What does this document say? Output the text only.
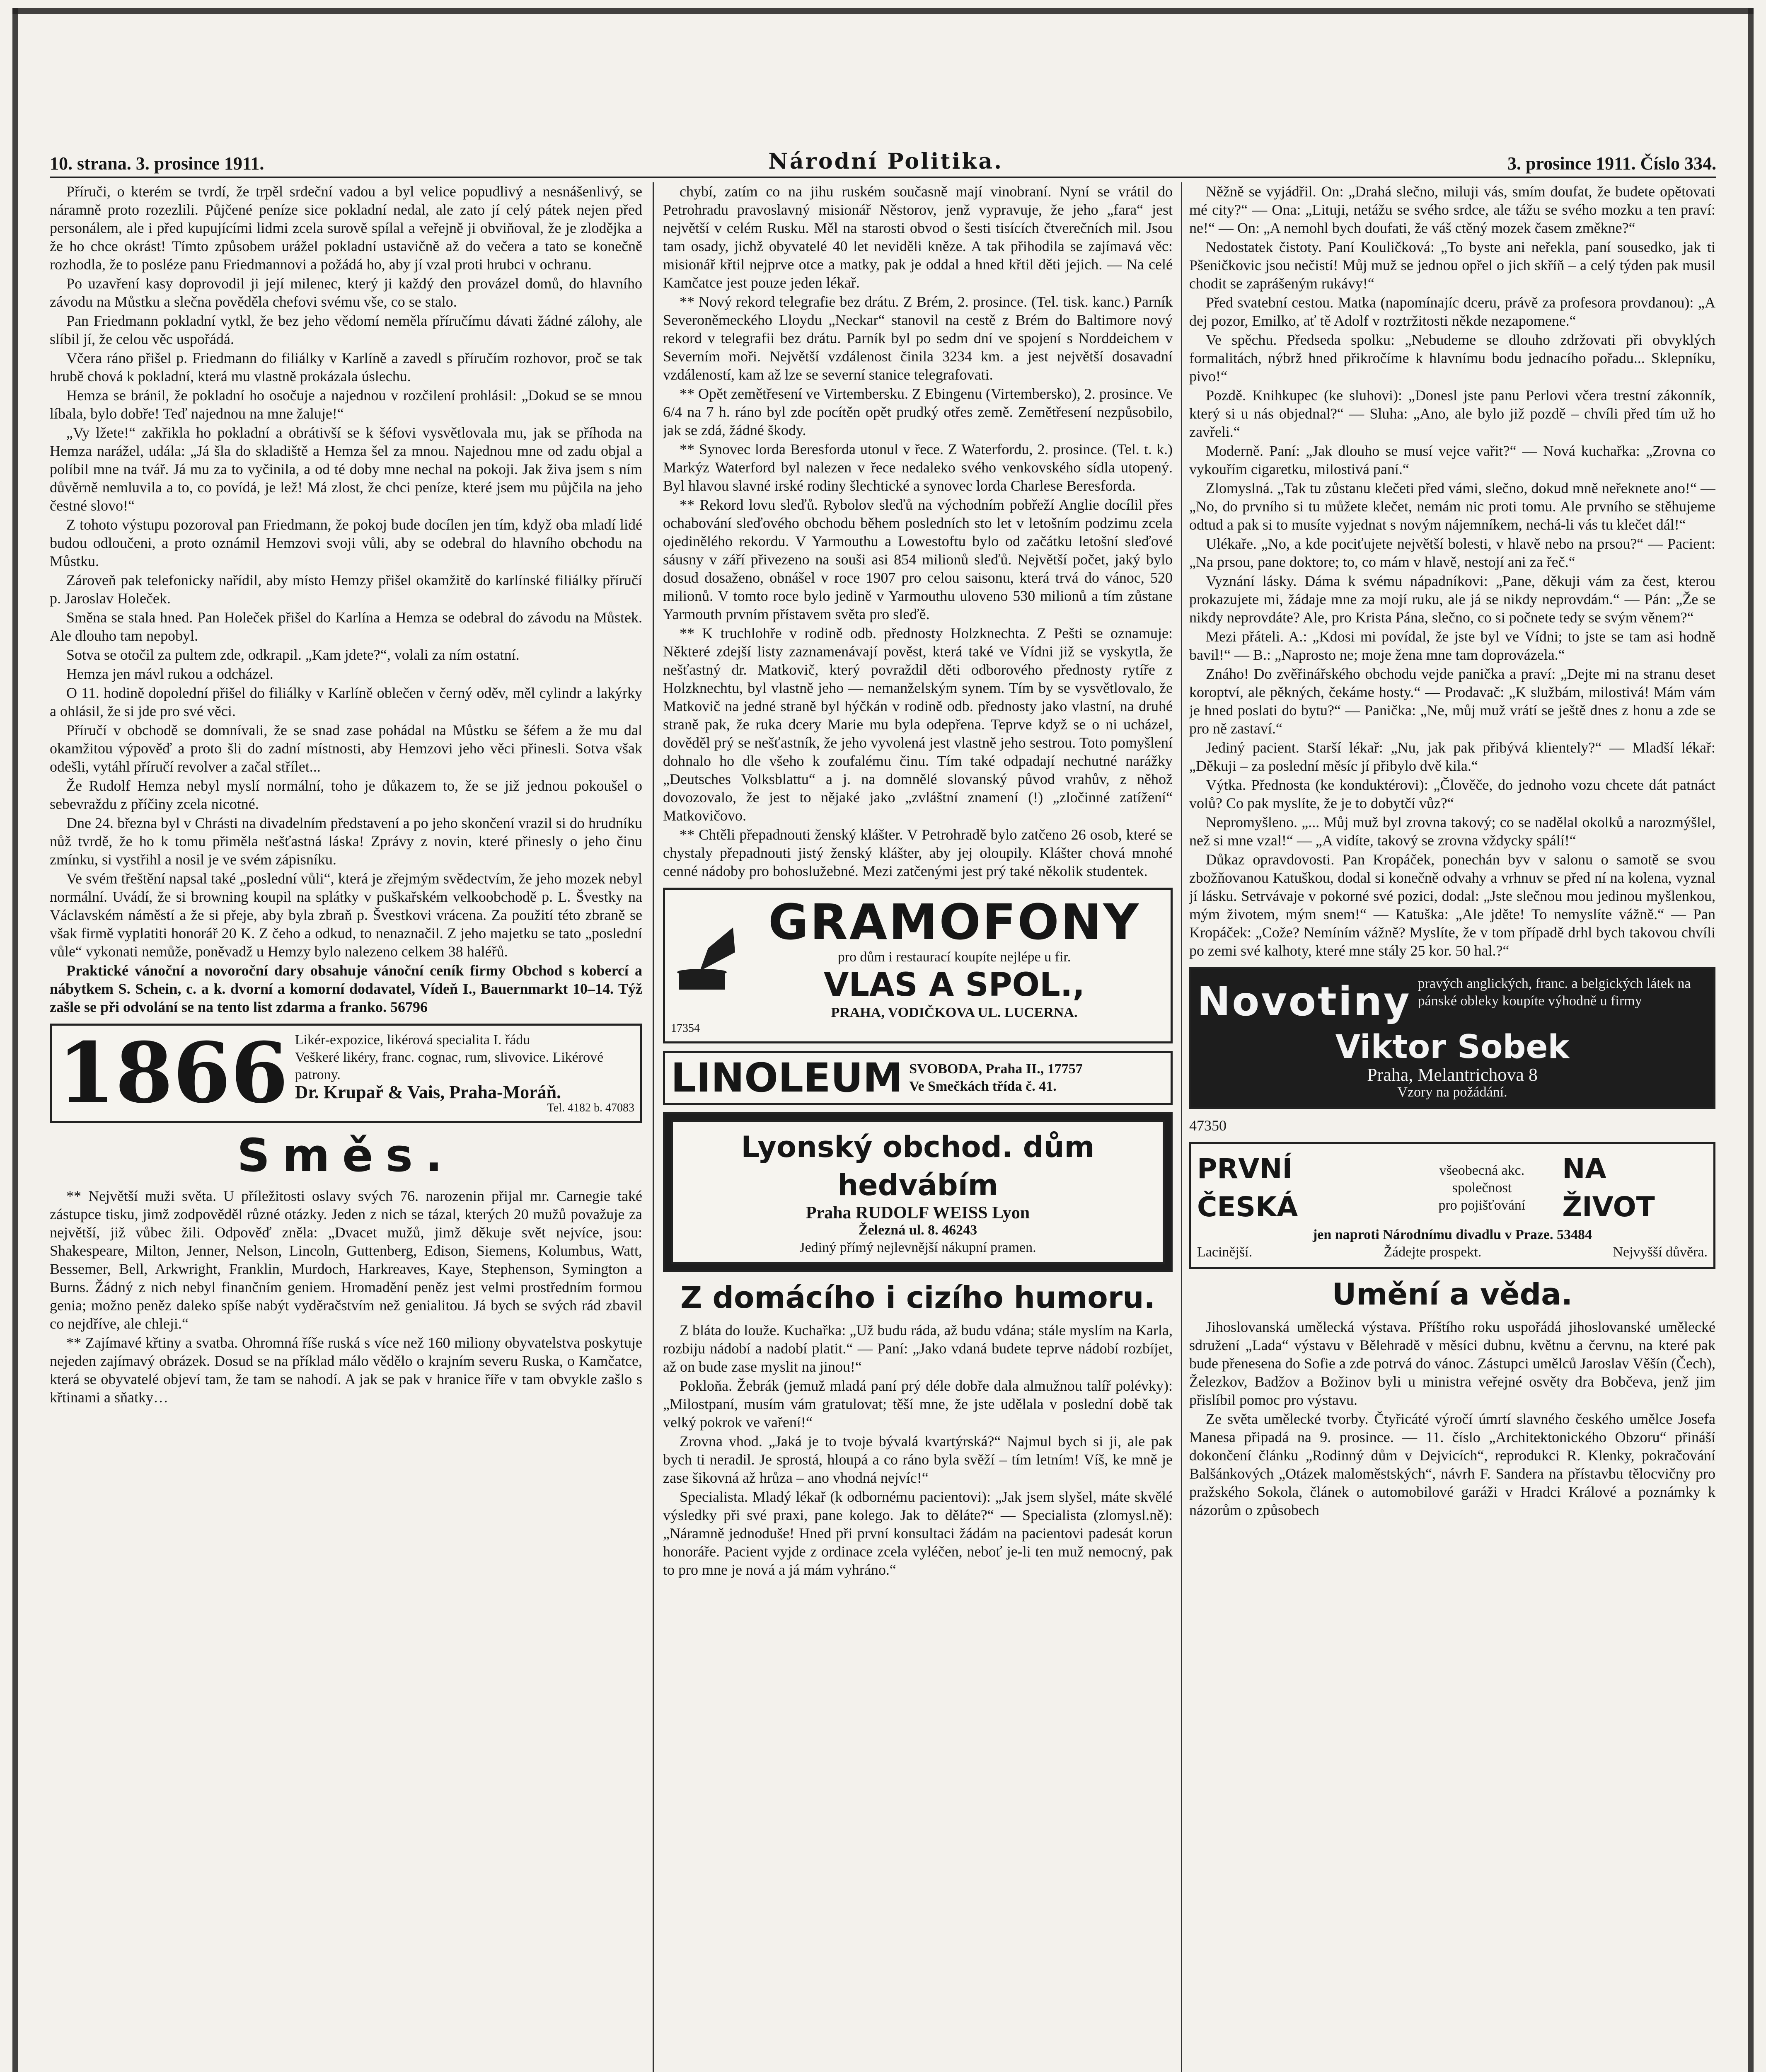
10. strana. 3. prosince 1911.	Národní Politika.	3. prosince 1911. Číslo 334.

Příruči, o kterém se tvrdí, že trpěl srdeční vadou a byl velice popudlivý a nesnášenlivý, se náramně proto rozezlili. Půjčené peníze sice pokladní nedal, ale zato jí celý pátek nejen před personálem, ale i před kupujícími lidmi zcela surově spílal a veřejně ji obviňoval, že je zlodějka a že ho chce okrást! Tímto způsobem urážel pokladní ustavičně až do večera a tato se konečně rozhodla, že to posléze panu Friedmannovi a požádá ho, aby jí vzal proti hrubci v ochranu.

Po uzavření kasy doprovodil ji její milenec, který ji každý den provázel domů, do hlavního závodu na Můstku a slečna pověděla chefovi svému vše, co se stalo.

Pan Friedmann pokladní vytkl, že bez jeho vědomí neměla příručímu dávati žádné zálohy, ale slíbil jí, že celou věc uspořádá.

Včera ráno přišel p. Friedmann do filiálky v Karlíně a zavedl s příručím rozhovor, proč se tak hrubě chová k pokladní, která mu vlastně prokázala úslechu.

Hemza se bránil, že pokladní ho osočuje a najednou v rozčilení prohlásil: „Dokud se se mnou líbala, bylo dobře! Teď najednou na mne žaluje!“

„Vy lžete!“ zakřikla ho pokladní a obrátivší se k šéfovi vysvětlovala mu, jak se příhoda na Hemza narážel, udála: „Já šla do skladiště a Hemza šel za mnou. Najednou mne od zadu objal a políbil mne na tvář. Já mu za to vyčinila, a od té doby mne nechal na pokoji. Jak živa jsem s ním důvěrně nemluvila a to, co povídá, je lež! Má zlost, že chci peníze, které jsem mu půjčila na jeho čestné slovo!“

Z tohoto výstupu pozoroval pan Friedmann, že pokoj bude docílen jen tím, když oba mladí lidé budou odloučeni, a proto oznámil Hemzovi svoji vůli, aby se odebral do hlavního obchodu na Můstku.

Zároveň pak telefonicky nařídil, aby místo Hemzy přišel okamžitě do karlínské filiálky příručí p. Jaroslav Holeček.

Směna se stala hned. Pan Holeček přišel do Karlína a Hemza se odebral do závodu na Můstek. Ale dlouho tam nepobyl.

Sotva se otočil za pultem zde, odkrapil. „Kam jdete?“, volali za ním ostatní.

Hemza jen mávl rukou a odcházel.

O 11. hodině dopolední přišel do filiálky v Karlíně oblečen v černý oděv, měl cylindr a lakýrky a ohlásil, že si jde pro své věci.

Příručí v obchodě se domnívali, že se snad zase pohádal na Můstku se šéfem a že mu dal okamžitou výpověď a proto šli do zadní místnosti, aby Hemzovi jeho věci přinesli. Sotva však odešli, vytáhl příručí revolver a začal střílet...

Že Rudolf Hemza nebyl myslí normální, toho je důkazem to, že se již jednou pokoušel o sebevraždu z příčiny zcela nicotné.

Dne 24. března byl v Chrásti na divadelním představení a po jeho skončení vrazil si do hrudníku nůž tvrdě, že ho k tomu přiměla nešťastná láska! Zprávy z novin, které přinesly o jeho činu zmínku, si vystřihl a nosil je ve svém zápisníku.

Ve svém třeštění napsal také „poslední vůli“, která je zřejmým svědectvím, že jeho mozek nebyl normální. Uvádí, že si browning koupil na splátky v puškařském velkoobchodě p. L. Švestky na Václavském náměstí a že si přeje, aby byla zbraň p. Švestkovi vrácena. Za použití této zbraně se však firmě vyplatiti honorář 20 K. Z čeho a odkud, to nenaznačil. Z jeho majetku se tato „poslední vůle“ vykonati nemůže, poněvadž u Hemzy bylo nalezeno celkem 38 haléřů.

Praktické vánoční a novoroční dary obsahuje vánoční ceník firmy Obchod s kobercí a nábytkem S. Schein, c. a k. dvorní a komorní dodavatel, Vídeň I., Bauernmarkt 10–14. Týž zašle se při odvolání se na tento list zdarma a franko. 56796

1866 Likér-expozice, likérová specialita I. řádu
Veškeré likéry, franc. cognac, rum, slivovice. Likérové patrony.
Dr. Krupař & Vais, Praha-Moráň.
Tel. 4182 b. 47083
Směs.

** Největší muži světa. U příležitosti oslavy svých 76. narozenin přijal mr. Carnegie také zástupce tisku, jimž zodpověděl různé otázky. Jeden z nich se tázal, kterých 20 mužů považuje za největší, již vůbec žili. Odpověď zněla: „Dvacet mužů, jimž děkuje svět nejvíce, jsou: Shakespeare, Milton, Jenner, Nelson, Lincoln, Guttenberg, Edison, Siemens, Kolumbus, Watt, Bessemer, Bell, Arkwright, Franklin, Murdoch, Harkreaves, Kaye, Stephenson, Symington a Burns. Žádný z nich nebyl finančním geniem. Hromadění peněz jest velmi prostředním formou genia; možno peněz daleko spíše nabýt vyděračstvím než genialitou. Já bych se svých rád zbavil co nejdříve, ale chleji.“

** Zajímavé křtiny a svatba. Ohromná říše ruská s více než 160 miliony obyvatelstva poskytuje nejeden zajímavý obrázek. Dosud se na příklad málo vědělo o krajním severu Ruska, o Kamčatce, která se obyvatelé objeví tam, že tam se nahodí. A jak se pak v hranice říře v tam obvykle zašlo s křtinami a sňatky…

chybí, zatím co na jihu ruském současně mají vinobraní. Nyní se vrátil do Petrohradu pravoslavný misionář Něstorov, jenž vypravuje, že jeho „fara“ jest největší v celém Rusku. Měl na starosti obvod o šesti tisících čtverečních mil. Jsou tam osady, jichž obyvatelé 40 let neviděli kněze. A tak přihodila se zajímavá věc: misionář křtil nejprve otce a matky, pak je oddal a hned křtil děti jejich. — Na celé Kamčatce jest pouze jeden lékař.

** Nový rekord telegrafie bez drátu. Z Brém, 2. prosince. (Tel. tisk. kanc.) Parník Severoněmeckého Lloydu „Neckar“ stanovil na cestě z Brém do Baltimore nový rekord v telegrafii bez drátu. Parník byl po sedm dní ve spojení s Norddeichem v Severním moři. Největší vzdálenost činila 3234 km. a jest největší dosavadní vzdáleností, kam až lze se severní stanice telegrafovati.

** Opět zemětřesení ve Virtembersku. Z Ebingenu (Virtembersko), 2. prosince. Ve 6/4 na 7 h. ráno byl zde pocítěn opět prudký otřes země. Zemětřesení nezpůsobilo, jak se zdá, žádné škody.

** Synovec lorda Beresforda utonul v řece. Z Waterfordu, 2. prosince. (Tel. t. k.) Markýz Waterford byl nalezen v řece nedaleko svého venkovského sídla utopený. Byl hlavou slavné irské rodiny šlechtické a synovec lorda Charlese Beresforda.

** Rekord lovu sleďů. Rybolov sleďů na východním pobřeží Anglie docílil přes ochabování sleďového obchodu během posledních sto let v letošním podzimu zcela ojedinělého rekordu. V Yarmouthu a Lowestoftu bylo od začátku letošní sleďové sáusny v září přivezeno na souši asi 854 milionů sleďů. Největší počet, jaký bylo dosud dosaženo, obnášel v roce 1907 pro celou saisonu, která trvá do vánoc, 520 milionů. V tomto roce bylo jedině v Yarmouthu uloveno 530 milionů a tím zůstane Yarmouth prvním přístavem světa pro sleďě.

** K truchlohře v rodině odb. přednosty Holzknechta. Z Pešti se oznamuje: Některé zdejší listy zaznamenávají pověst, která také ve Vídni již se vyskytla, že nešťastný dr. Matkovič, který povraždil děti odborového přednosty rytíře z Holzknechtu, byl vlastně jeho — nemanželským synem. Tím by se vysvětlovalo, že Matkovič na jedné straně byl hýčkán v rodině odb. přednosty jako vlastní, na druhé straně pak, že ruka dcery Marie mu byla odepřena. Teprve když se o ni ucházel, dověděl prý se nešťastník, že jeho vyvolená jest vlastně jeho sestrou. Toto pomyšlení dohnalo ho dle všeho k zoufalému činu. Tím také odpadají nechutné narážky „Deutsches Volksblattu“ a j. na domnělé slovanský původ vrahův, z něhož dovozovalo, že jest to nějaké jako „zvláštní znamení (!) „zločinné zatížení“ Matkovičovo.

** Chtěli přepadnouti ženský klášter. V Petrohradě bylo zatčeno 26 osob, které se chystaly přepadnouti jistý ženský klášter, aby jej oloupily. Klášter chová mnohé cenné nádoby pro bohoslužebné. Mezi zatčenými jest prý také několik studentek.

GRAMOFONY
pro dům i restaurací koupíte nejlépe u fir.
VLAS A SPOL.,
PRAHA, VODIČKOVA UL. LUCERNA.
17354
LINOLEUM SVOBODA, Praha II., 17757
Ve Smečkách třída č. 41.
Lyonský obchod. dům hedvábím
Praha RUDOLF WEISS Lyon
Železná ul. 8. 46243
Jediný přímý nejlevnější nákupní pramen.
Z domácího i cizího humoru.

Z bláta do louže. Kuchařka: „Už budu ráda, až budu vdána; stále myslím na Karla, rozbiju nádobí a nadobí platit.“ — Paní: „Jako vdaná budete teprve nádobí rozbíjet, až on bude zase myslit na jinou!“

Pokloňa. Žebrák (jemuž mladá paní prý déle dobře dala almužnou talíř polévky): „Milostpaní, musím vám gratulovat; těší mne, že jste udělala v poslední době tak velký pokrok ve vaření!“

Zrovna vhod. „Jaká je to tvoje bývalá kvartýrská?“ Najmul bych si ji, ale pak bych ti neradil. Je sprostá, hloupá a co ráno byla svěží – tím letním! Víš, ke mně je zase šikovná až hrůza – ano vhodná nejvíc!“

Specialista. Mladý lékař (k odbornému pacientovi): „Jak jsem slyšel, máte skvělé výsledky při své praxi, pane kolego. Jak to děláte?“ — Specialista (zlomysl.ně): „Náramně jednoduše! Hned při první konsultaci žádám na pacientovi padesát korun honoráře. Pacient vyjde z ordinace zcela vyléčen, neboť je-li ten muž nemocný, pak to pro mne je nová a já mám vyhráno.“

Něžně se vyjádřil. On: „Drahá slečno, miluji vás, smím doufat, že budete opětovati mé city?“ — Ona: „Lituji, netážu se svého srdce, ale tážu se svého mozku a ten praví: ne!“ — On: „A nemohl bych doufati, že váš ctěný mozek časem změkne?“

Nedostatek čistoty. Paní Kouličková: „To byste ani neřekla, paní sousedko, jak ti Pšeničkovic jsou nečistí! Můj muž se jednou opřel o jich skříň – a celý týden pak musil chodit se zaprášeným rukávy!“

Před svatební cestou. Matka (napomínajíc dceru, právě za profesora provdanou): „A dej pozor, Emilko, ať tě Adolf v roztržitosti někde nezapomene.“

Ve spěchu. Předseda spolku: „Nebudeme se dlouho zdržovati při obvyklých formalitách, nýbrž hned přikročíme k hlavnímu bodu jednacího pořadu... Sklepníku, pivo!“

Pozdě. Knihkupec (ke sluhovi): „Donesl jste panu Perlovi včera trestní zákonník, který si u nás objednal?“ — Sluha: „Ano, ale bylo již pozdě – chvíli před tím už ho zavřeli.“

Moderně. Paní: „Jak dlouho se musí vejce vařit?“ — Nová kuchařka: „Zrovna co vykouřím cigaretku, milostivá paní.“

Zlomyslná. „Tak tu zůstanu klečeti před vámi, slečno, dokud mně neřeknete ano!“ — „No, do prvního si tu můžete klečet, nemám nic proti tomu. Ale prvního se stěhujeme odtud a pak si to musíte vyjednat s novým nájemníkem, nechá-li vás tu klečet dál!“

Ulékaře. „No, a kde pociťujete největší bolesti, v hlavě nebo na prsou?“ — Pacient: „Na prsou, pane doktore; to, co mám v hlavě, nestojí ani za řeč.“

Vyznání lásky. Dáma k svému nápadníkovi: „Pane, děkuji vám za čest, kterou prokazujete mi, žádaje mne za mojí ruku, ale já se nikdy neprovdám.“ — Pán: „Že se nikdy neprovdáte? Ale, pro Krista Pána, slečno, co si počnete tedy se svým věnem?“

Mezi přáteli. A.: „Kdosi mi povídal, že jste byl ve Vídni; to jste se tam asi hodně bavil!“ — B.: „Naprosto ne; moje žena mne tam doprovázela.“

Znáho! Do zvěřinářského obchodu vejde panička a praví: „Dejte mi na stranu deset koroptví, ale pěkných, čekáme hosty.“ — Prodavač: „K službám, milostivá! Mám vám je hned poslati do bytu?“ — Panička: „Ne, můj muž vrátí se ještě dnes z honu a zde se pro ně zastaví.“

Jediný pacient. Starší lékař: „Nu, jak pak přibývá klientely?“ — Mladší lékař: „Děkuji – za poslední měsíc jí přibylo dvě kila.“

Výtka. Přednosta (ke konduktérovi): „Člověče, do jednoho vozu chcete dát patnáct volů? Co pak myslíte, že je to dobytčí vůz?“

Nepromyšleno. „... Můj muž byl zrovna takový; co se nadělal okolků a narozmýšlel, než si mne vzal!“ — „A vidíte, takový se zrovna vždycky spálí!“

Důkaz opravdovosti. Pan Kropáček, ponechán byv v salonu o samotě se svou zbožňovanou Katuškou, dodal si konečně odvahy a vrhnuv se před ní na kolena, vyznal jí lásku. Setrvávaje v pokorné své pozici, dodal: „Jste slečnou mou jedinou myšlenkou, mým životem, mým snem!“ — Katuška: „Ale jděte! To nemyslíte vážně.“ — Pan Kropáček: „Cože? Nemíním vážně? Myslíte, že v tom případě drhl bych takovou chvíli po zemi své kalhoty, které mne stály 25 kor. 50 hal.?“

Novotiny pravých anglických, franc. a belgických látek na
pánské obleky koupíte výhodně u firmy
Viktor Sobek
Praha, Melantrichova 8
Vzory na požádání.
47350
PRVNÍ ČESKÁ
všeobecná akc. společnost
pro pojišťování
NA ŽIVOT
jen naproti Národnímu divadlu v Praze. 53484
Lacinější.	Žádejte prospekt.	Nejvyšší důvěra.
Umění a věda.

Jihoslovanská umělecká výstava. Příštího roku uspořádá jihoslovanské umělecké sdružení „Lada“ výstavu v Bělehradě v měsíci dubnu, květnu a červnu, na které pak bude přenesena do Sofie a zde potrvá do vánoc. Zástupci umělců Jaroslav Věšín (Čech), Železkov, Badžov a Božinov byli u ministra veřejné osvěty dra Bobčeva, jenž jim přislíbil pomoc pro výstavu.

Ze světa umělecké tvorby. Čtyřicáté výročí úmrtí slavného českého umělce Josefa Manesa připadá na 9. prosince. — 11. číslo „Architektonického Obzoru“ přináší dokončení článku „Rodinný dům v Dejvicích“, reprodukci R. Klenky, pokračování Balšánkových „Otázek maloměstských“, návrh F. Sandera na přístavbu tělocvičny pro pražského Sokola, článek o automobilové garáži v Hradci Králové a poznámky k názorům o způsobech
